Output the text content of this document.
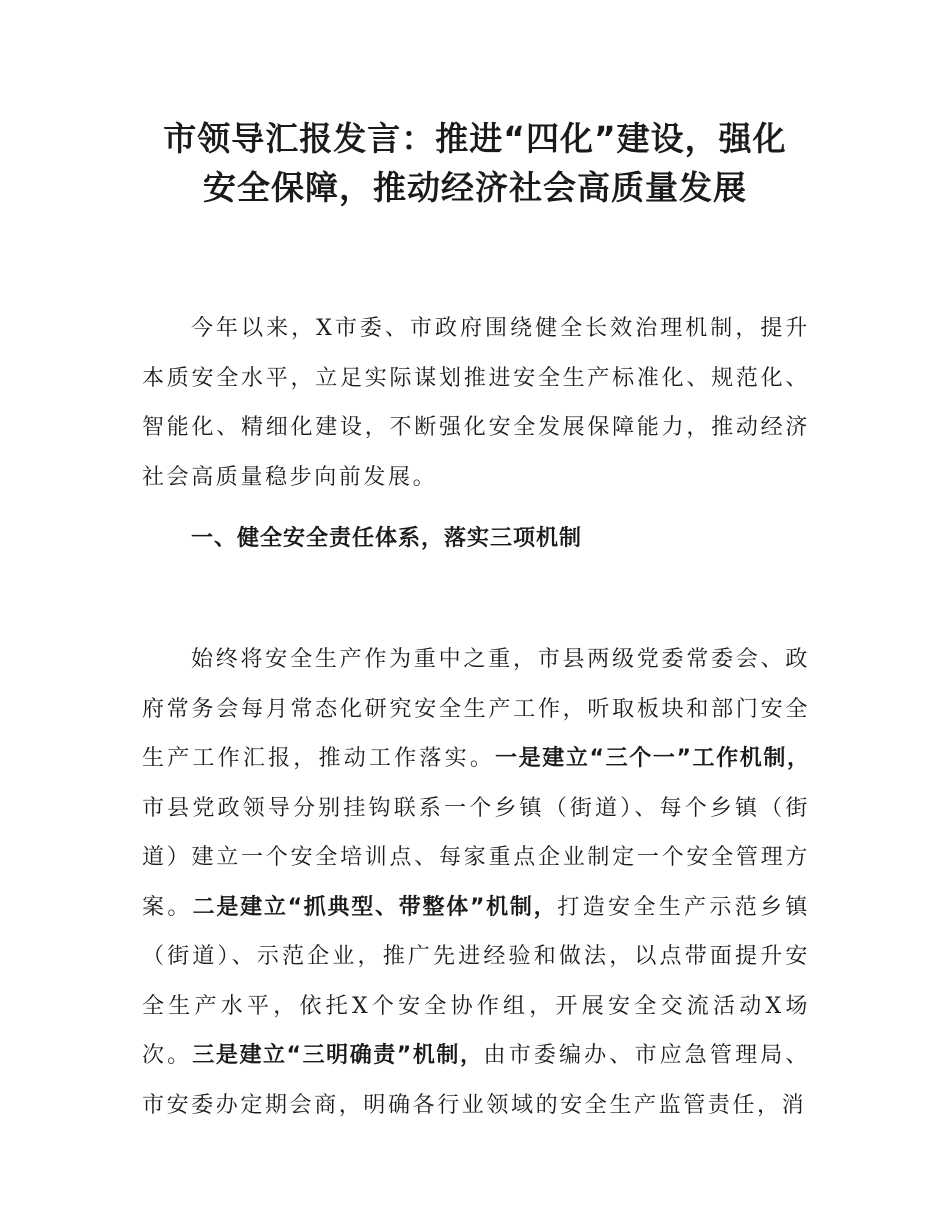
市领导汇报发言：推进“四化”建设，强化
安全保障，推动经济社会高质量发展

今年以来，X市委、市政府围绕健全长效治理机制，提升本质安全水平，立足实际谋划推进安全生产标准化、规范化、智能化、精细化建设，不断强化安全发展保障能力，推动经济社会高质量稳步向前发展。

一、健全安全责任体系，落实三项机制

始终将安全生产作为重中之重，市县两级党委常委会、政府常务会每月常态化研究安全生产工作，听取板块和部门安全生产工作汇报，推动工作落实。一是建立“三个一”工作机制，市县党政领导分别挂钩联系一个乡镇（街道）、每个乡镇（街道）建立一个安全培训点、每家重点企业制定一个安全管理方案。二是建立“抓典型、带整体”机制，打造安全生产示范乡镇（街道）、示范企业，推广先进经验和做法，以点带面提升安全生产水平，依托X个安全协作组，开展安全交流活动X场次。三是建立“三明确责”机制，由市委编办、市应急管理局、市安委办定期会商，明确各行业领域的安全生产监管责任，消
